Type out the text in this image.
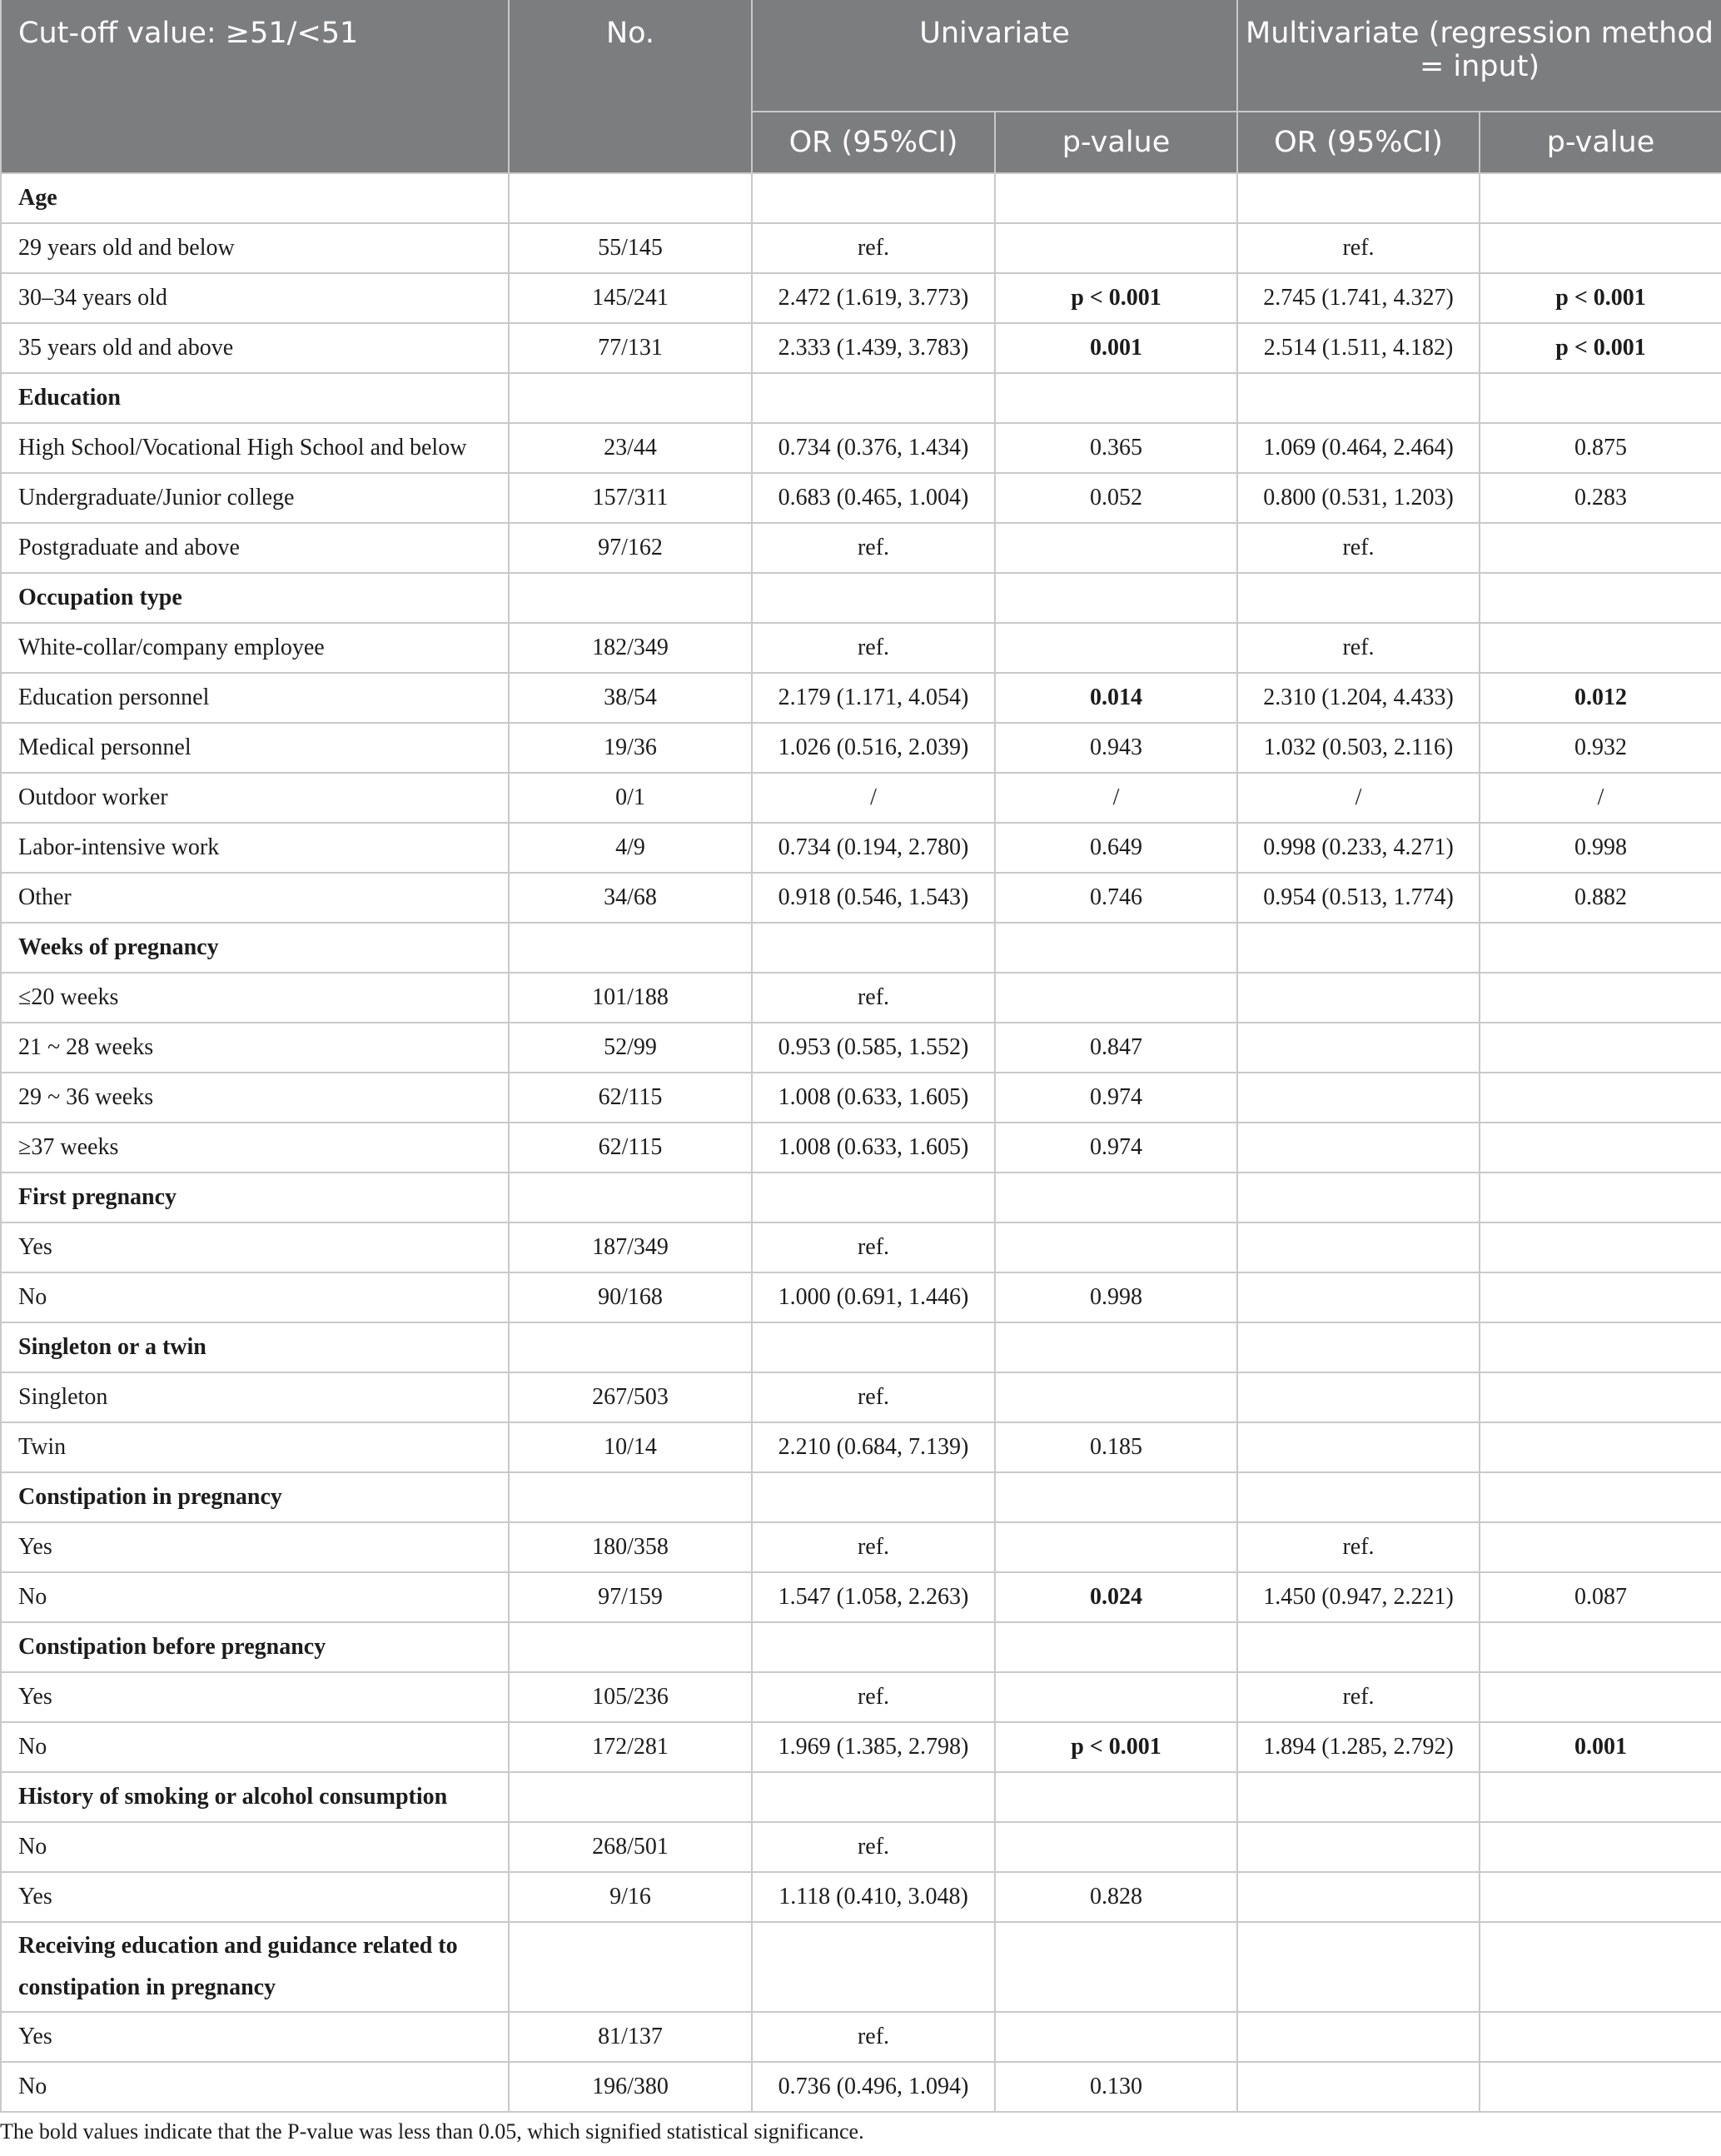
Cut-off value: ≥51/<51	No.	Univariate		Multivariate (regression method = input)	
		OR (95%CI)	p-value	OR (95%CI)	p-value
Age					
29 years old and below	55/145	ref.		ref.	
30–34 years old	145/241	2.472 (1.619, 3.773)	p < 0.001	2.745 (1.741, 4.327)	p < 0.001
35 years old and above	77/131	2.333 (1.439, 3.783)	0.001	2.514 (1.511, 4.182)	p < 0.001
Education					
High School/Vocational High School and below	23/44	0.734 (0.376, 1.434)	0.365	1.069 (0.464, 2.464)	0.875
Undergraduate/Junior college	157/311	0.683 (0.465, 1.004)	0.052	0.800 (0.531, 1.203)	0.283
Postgraduate and above	97/162	ref.		ref.	
Occupation type					
White-collar/company employee	182/349	ref.		ref.	
Education personnel	38/54	2.179 (1.171, 4.054)	0.014	2.310 (1.204, 4.433)	0.012
Medical personnel	19/36	1.026 (0.516, 2.039)	0.943	1.032 (0.503, 2.116)	0.932
Outdoor worker	0/1	/	/	/	/
Labor-intensive work	4/9	0.734 (0.194, 2.780)	0.649	0.998 (0.233, 4.271)	0.998
Other	34/68	0.918 (0.546, 1.543)	0.746	0.954 (0.513, 1.774)	0.882
Weeks of pregnancy					
≤20 weeks	101/188	ref.			
21 ~ 28 weeks	52/99	0.953 (0.585, 1.552)	0.847		
29 ~ 36 weeks	62/115	1.008 (0.633, 1.605)	0.974		
≥37 weeks	62/115	1.008 (0.633, 1.605)	0.974		
First pregnancy					
Yes	187/349	ref.			
No	90/168	1.000 (0.691, 1.446)	0.998		
Singleton or a twin					
Singleton	267/503	ref.			
Twin	10/14	2.210 (0.684, 7.139)	0.185		
Constipation in pregnancy					
Yes	180/358	ref.		ref.	
No	97/159	1.547 (1.058, 2.263)	0.024	1.450 (0.947, 2.221)	0.087
Constipation before pregnancy					
Yes	105/236	ref.		ref.	
No	172/281	1.969 (1.385, 2.798)	p < 0.001	1.894 (1.285, 2.792)	0.001
History of smoking or alcohol consumption					
No	268/501	ref.			
Yes	9/16	1.118 (0.410, 3.048)	0.828		
Receiving education and guidance related to constipation in pregnancy					
Yes	81/137	ref.			
No	196/380	0.736 (0.496, 1.094)	0.130		
The bold values indicate that the P-value was less than 0.05, which signified statistical significance.
